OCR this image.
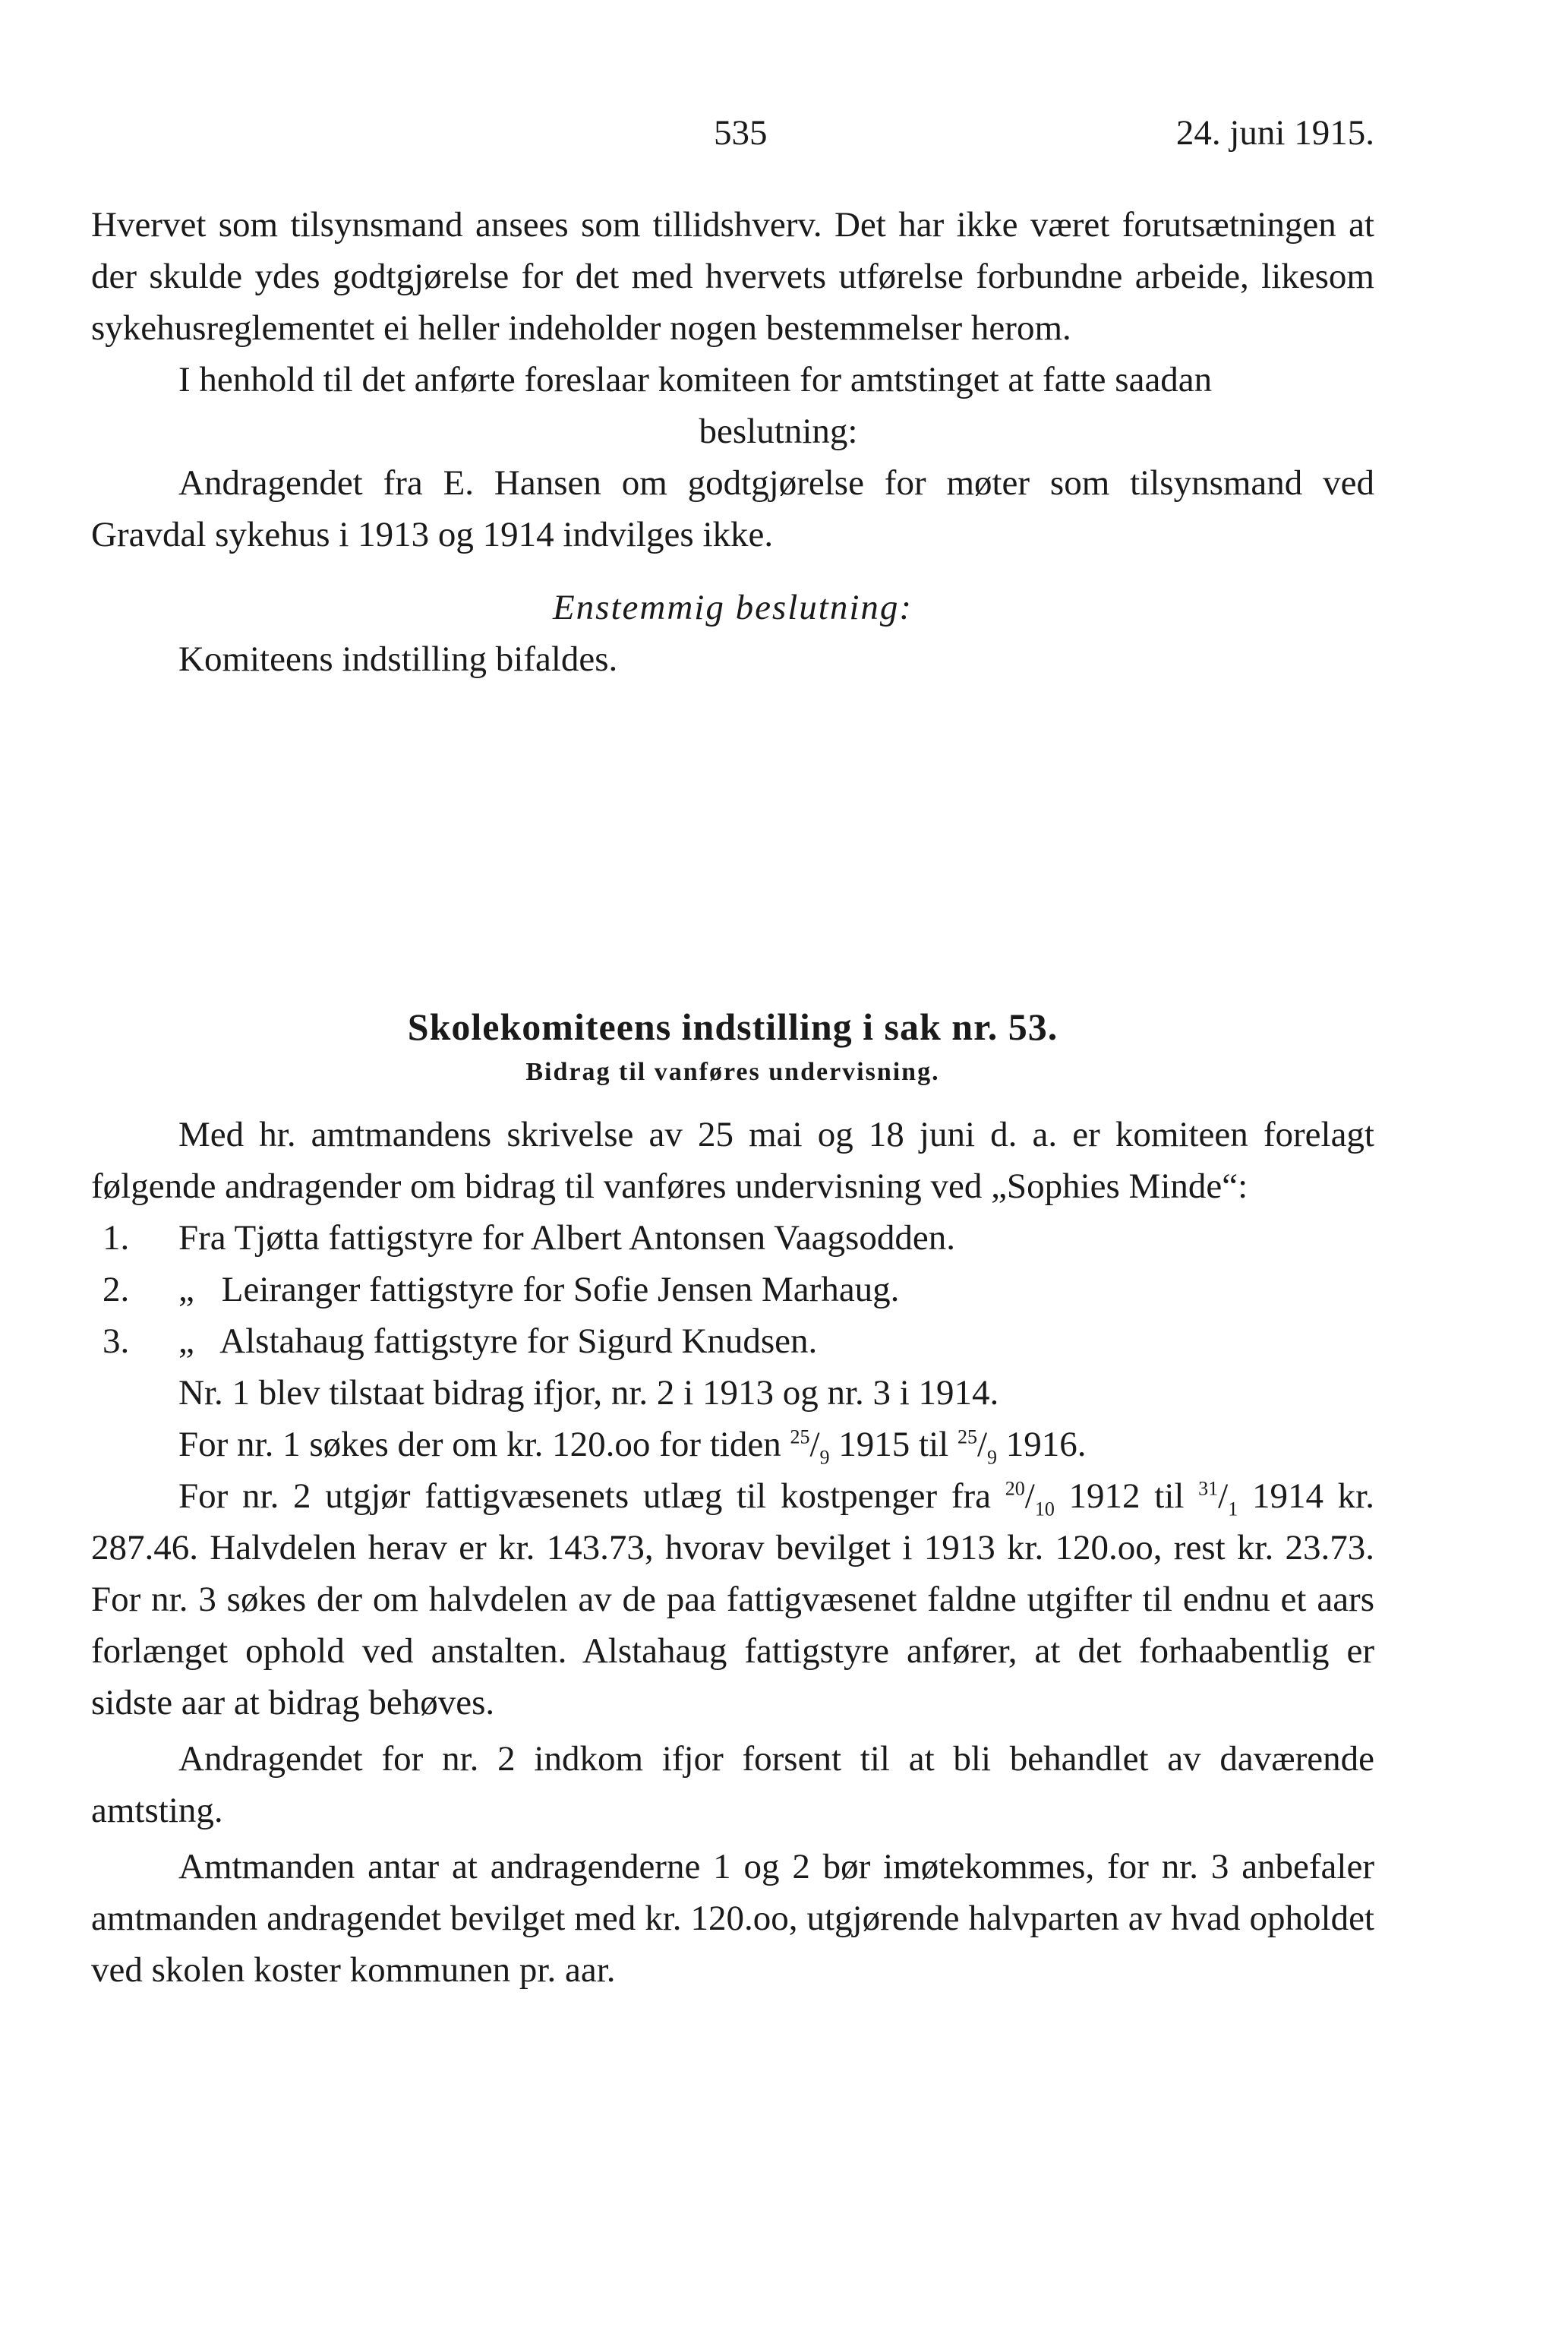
535	24. juni 1915.

Hvervet som tilsynsmand ansees som tillidshverv. Det har ikke været forutsætningen at der skulde ydes godtgjørelse for det med hvervets utførelse forbundne arbeide, likesom sykehusreglementet ei heller indeholder nogen bestemmelser herom.

I henhold til det anførte foreslaar komiteen for amtstinget at fatte saadan

beslutning:

Andragendet fra E. Hansen om godtgjørelse for møter som tilsynsmand ved Gravdal sykehus i 1913 og 1914 indvilges ikke.

Enstemmig beslutning:

Komiteens indstilling bifaldes.

Skolekomiteens indstilling i sak nr. 53.

Bidrag til vanføres undervisning.

Med hr. amtmandens skrivelse av 25 mai og 18 juni d. a. er komiteen forelagt følgende andragender om bidrag til vanføres undervisning ved „Sophies Minde“:

1.	Fra Tjøtta fattigstyre for Albert Antonsen Vaagsodden.

2.	„ Leiranger fattigstyre for Sofie Jensen Marhaug.

3.	„ Alstahaug fattigstyre for Sigurd Knudsen.

Nr. 1 blev tilstaat bidrag ifjor, nr. 2 i 1913 og nr. 3 i 1914.

For nr. 1 søkes der om kr. 120.oo for tiden $^{25}/_9$ 1915 til $^{25}/_9$ 1916.

For nr. 2 utgjør fattigvæsenets utlæg til kostpenger fra $^{20}/_{10}$ 1912 til $^{31}/_1$ 1914 kr. 287.46. Halvdelen herav er kr. 143.73, hvorav bevilget i 1913 kr. 120.oo, rest kr. 23.73. For nr. 3 søkes der om halvdelen av de paa fattigvæsenet faldne utgifter til endnu et aars forlænget ophold ved anstalten. Alstahaug fattigstyre anfører, at det forhaabentlig er sidste aar at bidrag behøves.

Andragendet for nr. 2 indkom ifjor forsent til at bli behandlet av daværende amtsting.

Amtmanden antar at andragenderne 1 og 2 bør imøtekommes, for nr. 3 anbefaler amtmanden andragendet bevilget med kr. 120.oo, utgjørende halvparten av hvad opholdet ved skolen koster kommunen pr. aar.
